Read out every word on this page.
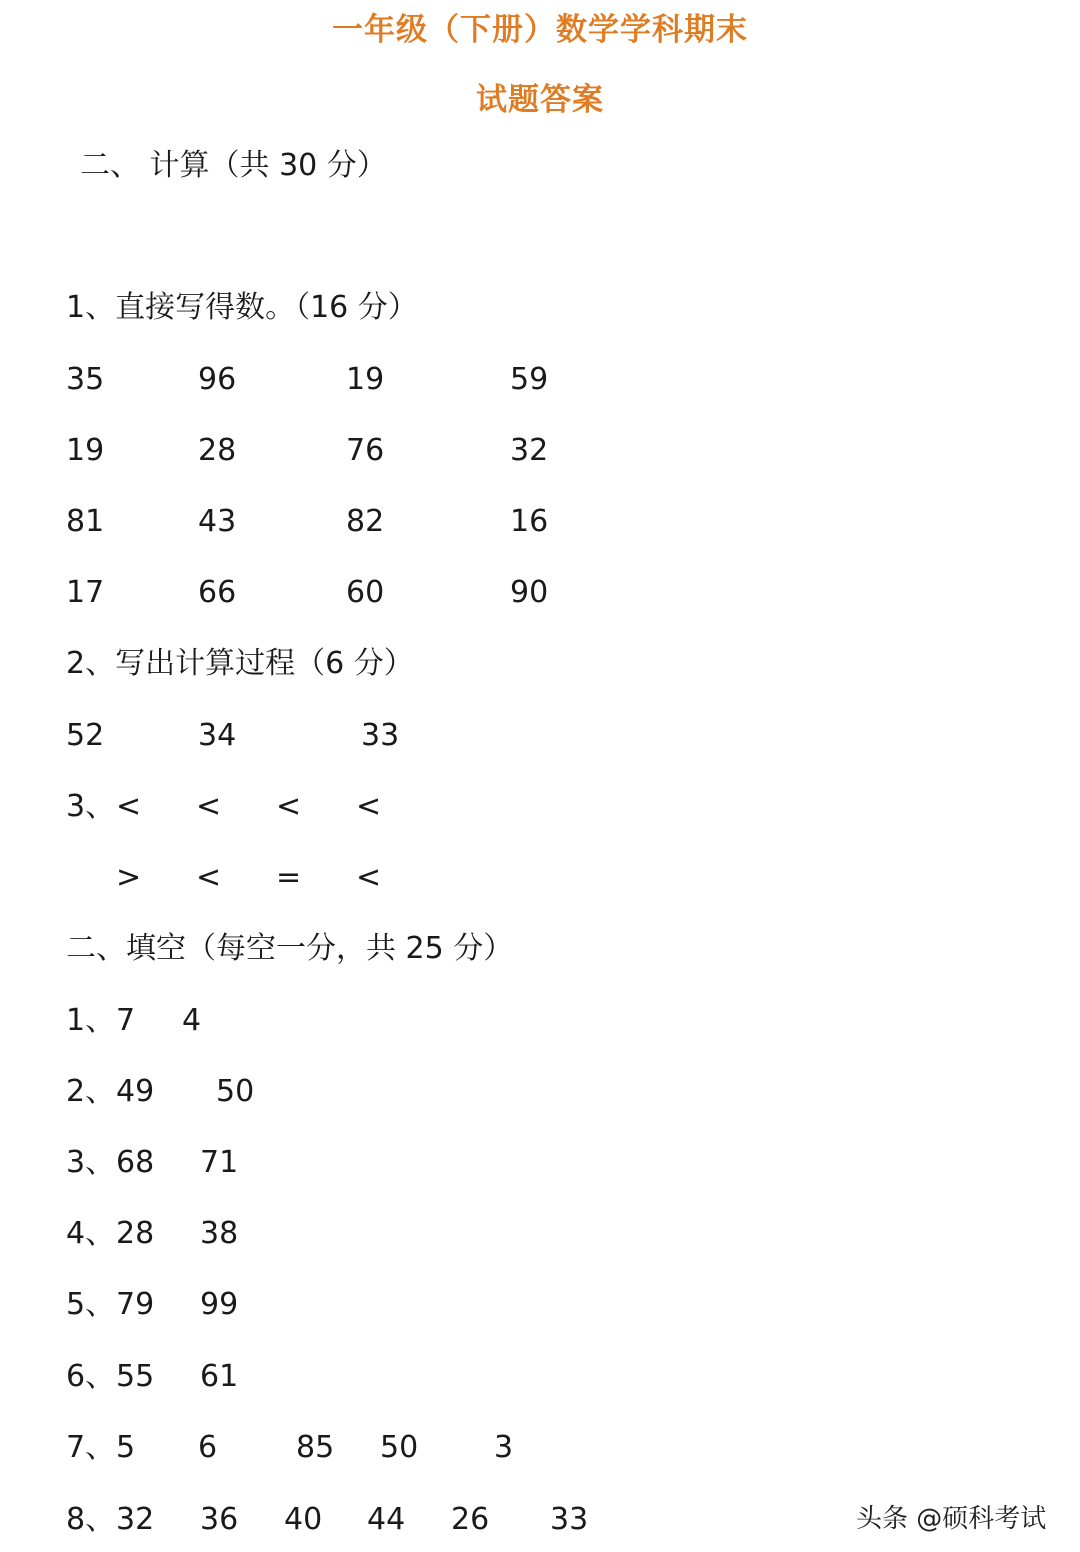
一年级（下册）数学学科期末
试题答案
二、 计算（共 30 分）
1、直接写得数。（16 分）
35	96	19	59
19	28	76	32
81	43	82	16
17	66	60	90
2、写出计算过程（6 分）
52	34	33
3、 < < < <
> < = <
二、填空（每空一分，共 25 分）
1、 7 4
2、 49 50
3、 68 71
4、 28 38
5、 79 99
6、 55 61
7、 5 6	85 50	3
8、 32 36 40 44 26 33	头条 @硕科考试
